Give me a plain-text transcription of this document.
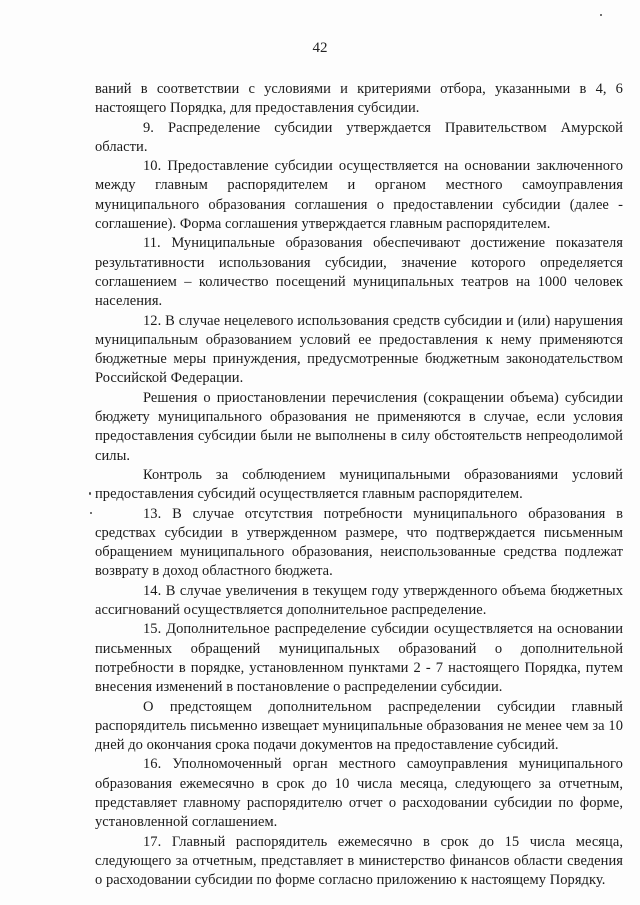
42

ваний в соответствии с условиями и критериями отбора, указанными в 4, 6 настоящего Порядка, для предоставления субсидии.

9. Распределение субсидии утверждается Правительством Амурской области.

10. Предоставление субсидии осуществляется на основании заключенного между главным распорядителем и органом местного самоуправления муниципального образования соглашения о предоставлении субсидии (далее - соглашение). Форма соглашения утверждается главным распорядителем.

11. Муниципальные образования обеспечивают достижение показателя результативности использования субсидии, значение которого определяется соглашением – количество посещений муниципальных театров на 1000 человек населения.

12. В случае нецелевого использования средств субсидии и (или) нарушения муниципальным образованием условий ее предоставления к нему применяются бюджетные меры принуждения, предусмотренные бюджетным законодательством Российской Федерации.

Решения о приостановлении перечисления (сокращении объема) субсидии бюджету муниципального образования не применяются в случае, если условия предоставления субсидии были не выполнены в силу обстоятельств непреодолимой силы.

Контроль за соблюдением муниципальными образованиями условий предоставления субсидий осуществляется главным распорядителем.

13. В случае отсутствия потребности муниципального образования в средствах субсидии в утвержденном размере, что подтверждается письменным обращением муниципального образования, неиспользованные средства подлежат возврату в доход областного бюджета.

14. В случае увеличения в текущем году утвержденного объема бюджетных ассигнований осуществляется дополнительное распределение.

15. Дополнительное распределение субсидии осуществляется на основании письменных обращений муниципальных образований о дополнительной потребности в порядке, установленном пунктами 2 - 7 настоящего Порядка, путем внесения изменений в постановление о распределении субсидии.

О предстоящем дополнительном распределении субсидии главный распорядитель письменно извещает муниципальные образования не менее чем за 10 дней до окончания срока подачи документов на предоставление субсидий.

16. Уполномоченный орган местного самоуправления муниципального образования ежемесячно в срок до 10 числа месяца, следующего за отчетным, представляет главному распорядителю отчет о расходовании субсидии по форме, установленной соглашением.

17. Главный распорядитель ежемесячно в срок до 15 числа месяца, следующего за отчетным, представляет в министерство финансов области сведения о расходовании субсидии по форме согласно приложению к настоящему Порядку.
